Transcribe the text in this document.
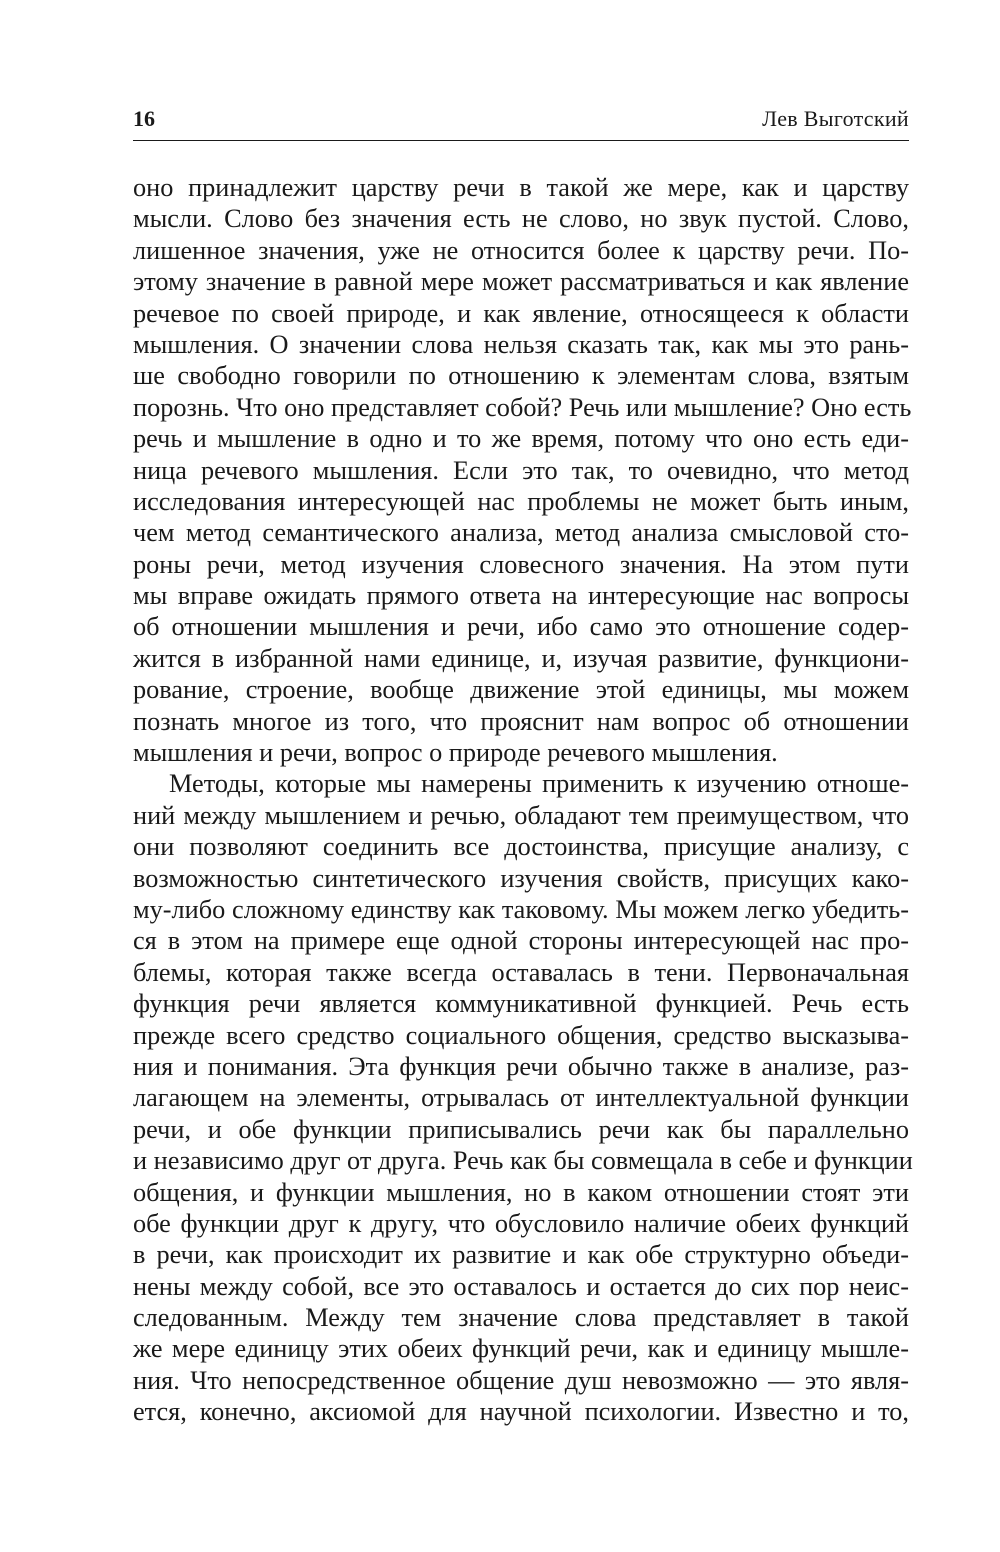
16	Лев Выготский
оно принадлежит царству речи в такой же мере, как и царству
мысли. Слово без значения есть не слово, но звук пустой. Слово,
лишенное значения, уже не относится более к царству речи. По-
этому значение в равной мере может рассматриваться и как явление
речевое по своей природе, и как явление, относящееся к области
мышления. О значении слова нельзя сказать так, как мы это рань-
ше свободно говорили по отношению к элементам слова, взятым
порознь. Что оно представляет собой? Речь или мышление? Оно есть
речь и мышление в одно и то же время, потому что оно есть еди-
ница речевого мышления. Если это так, то очевидно, что метод
исследования интересующей нас проблемы не может быть иным,
чем метод семантического анализа, метод анализа смысловой сто-
роны речи, метод изучения словесного значения. На этом пути
мы вправе ожидать прямого ответа на интересующие нас вопросы
об отношении мышления и речи, ибо само это отношение содер-
жится в избранной нами единице, и, изучая развитие, функциони-
рование, строение, вообще движение этой единицы, мы можем
познать многое из того, что прояснит нам вопрос об отношении
мышления и речи, вопрос о природе речевого мышления.
Методы, которые мы намерены применить к изучению отноше-
ний между мышлением и речью, обладают тем преимуществом, что
они позволяют соединить все достоинства, присущие анализу, с
возможностью синтетического изучения свойств, присущих како-
му-либо сложному единству как таковому. Мы можем легко убедить-
ся в этом на примере еще одной стороны интересующей нас про-
блемы, которая также всегда оставалась в тени. Первоначальная
функция речи является коммуникативной функцией. Речь есть
прежде всего средство социального общения, средство высказыва-
ния и понимания. Эта функция речи обычно также в анализе, раз-
лагающем на элементы, отрывалась от интеллектуальной функции
речи, и обе функции приписывались речи как бы параллельно
и независимо друг от друга. Речь как бы совмещала в себе и функции
общения, и функции мышления, но в каком отношении стоят эти
обе функции друг к другу, что обусловило наличие обеих функций
в речи, как происходит их развитие и как обе структурно объеди-
нены между собой, все это оставалось и остается до сих пор неис-
следованным. Между тем значение слова представляет в такой
же мере единицу этих обеих функций речи, как и единицу мышле-
ния. Что непосредственное общение душ невозможно — это явля-
ется, конечно, аксиомой для научной психологии. Известно и то,
